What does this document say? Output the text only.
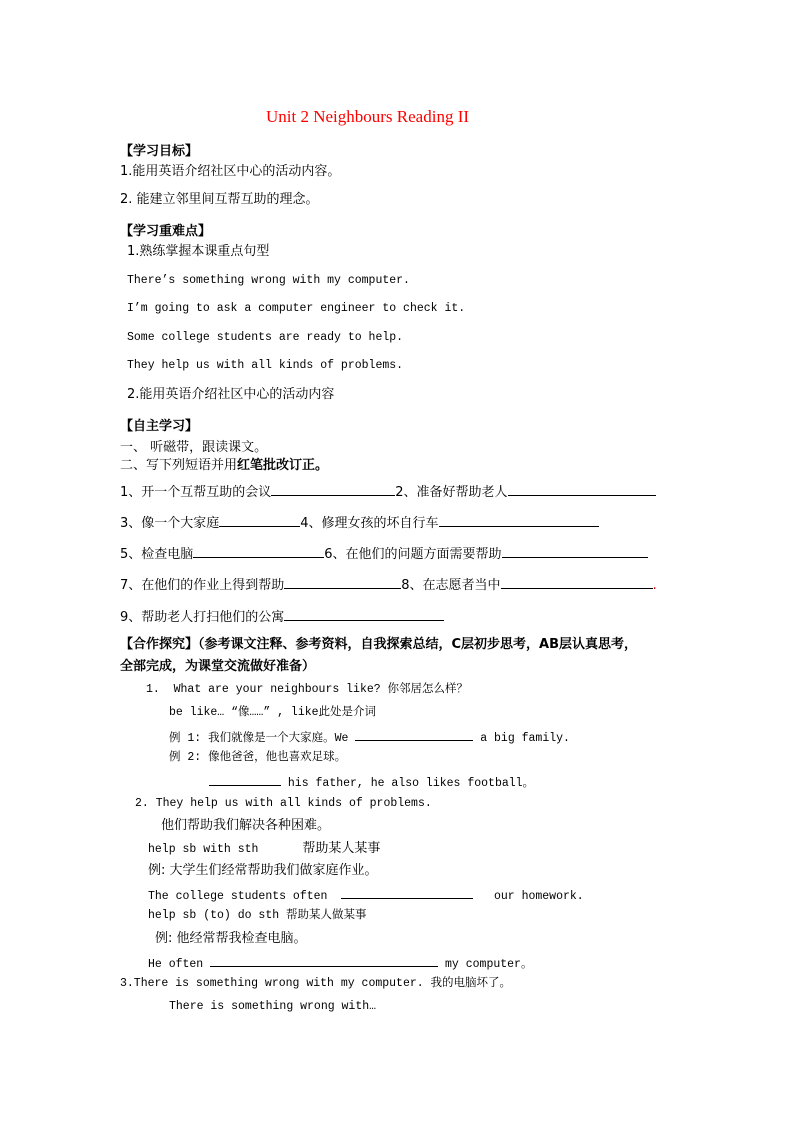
Unit 2 Neighbours Reading II
【学习目标】
1.能用英语介绍社区中心的活动内容。
2. 能建立邻里间互帮互助的理念。
【学习重难点】
1.熟练掌握本课重点句型
There’s something wrong with my computer.
I’m going to ask a computer engineer to check it.
Some college students are ready to help.
They help us with all kinds of problems.
2.能用英语介绍社区中心的活动内容
【自主学习】
一、 听磁带，跟读课文。
二、写下列短语并用红笔批改订正。
1、开一个互帮互助的会议	2、准备好帮助老人
3、像一个大家庭	4、修理女孩的坏自行车
5、检查电脑	6、在他们的问题方面需要帮助
7、在他们的作业上得到帮助	8、在志愿者当中	.
9、帮助老人打扫他们的公寓
【合作探究】（参考课文注释、参考资料，自我探索总结，C层初步思考，AB层认真思考，
全部完成，为课堂交流做好准备）
1. What are your neighbours like? 你邻居怎么样？
be like… “像……” , like此处是介词
例 1: 我们就像是一个大家庭。We	a big family.
例 2: 像他爸爸，他也喜欢足球。
his father, he also likes football。
2. They help us with all kinds of problems.
他们帮助我们解决各种困难。
help sb with sth	帮助某人某事
例: 大学生们经常帮助我们做家庭作业。
The college students often	our homework.
help sb (to) do sth 帮助某人做某事
例: 他经常帮我检查电脑。
He often	my computer。
3.There is something wrong with my computer. 我的电脑坏了。
There is something wrong with…
